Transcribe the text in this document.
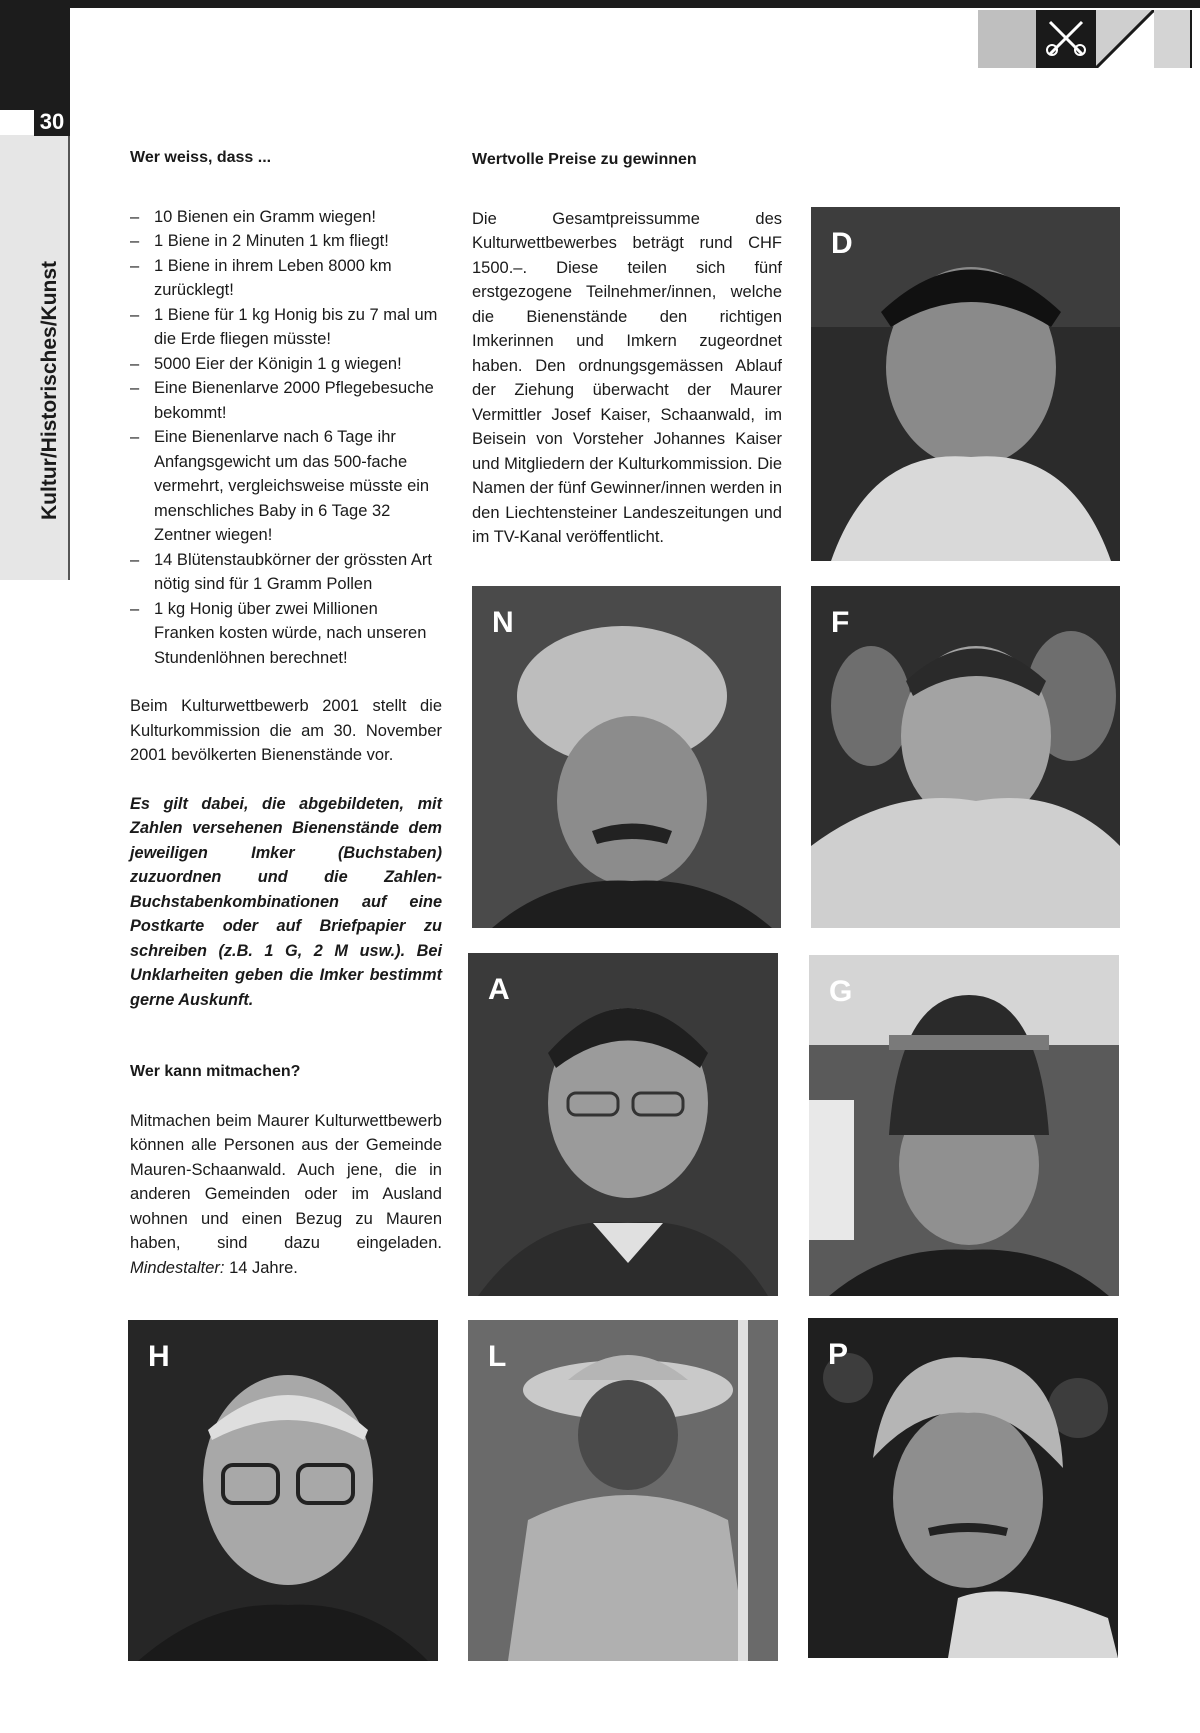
30
Kultur/Historisches/Kunst

Wer weiss, dass ...

– 10 Bienen ein Gramm wiegen!
– 1 Biene in 2 Minuten 1 km fliegt!
– 1 Biene in ihrem Leben 8000 km zurücklegt!
– 1 Biene für 1 kg Honig bis zu 7 mal um die Erde fliegen müsste!
– 5000 Eier der Königin 1 g wiegen!
– Eine Bienenlarve 2000 Pflegebesuche bekommt!
– Eine Bienenlarve nach 6 Tage ihr Anfangsgewicht um das 500-fache vermehrt, vergleichsweise müsste ein menschliches Baby in 6 Tage 32 Zentner wiegen!
– 14 Blütenstaubkörner der grössten Art nötig sind für 1 Gramm Pollen
– 1 kg Honig über zwei Millionen Franken kosten würde, nach unseren Stundenlöhnen berechnet!

Beim Kulturwettbewerb 2001 stellt die Kulturkommission die am 30. November 2001 bevölkerten Bienenstände vor.

Es gilt dabei, die abgebildeten, mit Zahlen versehenen Bienenstände dem jeweiligen Imker (Buchstaben) zuzuordnen und die Zahlen-Buchstabenkombinationen auf eine Postkarte oder auf Briefpapier zu schreiben (z.B. 1 G, 2 M usw.). Bei Unklarheiten geben die Imker bestimmt gerne Auskunft.

Wer kann mitmachen?

Mitmachen beim Maurer Kulturwettbewerb können alle Personen aus der Gemeinde Mauren-Schaanwald. Auch jene, die in anderen Gemeinden oder im Ausland wohnen und einen Bezug zu Mauren haben, sind dazu eingeladen. Mindestalter: 14 Jahre.

Wertvolle Preise zu gewinnen

Die Gesamtpreissumme des Kulturwettbewerbes beträgt rund CHF 1500.–. Diese teilen sich fünf erstgezogene Teilnehmer/innen, welche die Bienenstände den richtigen Imkerinnen und Imkern zugeordnet haben. Den ordnungsgemässen Ablauf der Ziehung überwacht der Maurer Vermittler Josef Kaiser, Schaanwald, im Beisein von Vorsteher Johannes Kaiser und Mitgliedern der Kulturkommission. Die Namen der fünf Gewinner/innen werden in den Liechtensteiner Landeszeitungen und im TV-Kanal veröffentlicht.

D
N	F
A	G
H	L	P
